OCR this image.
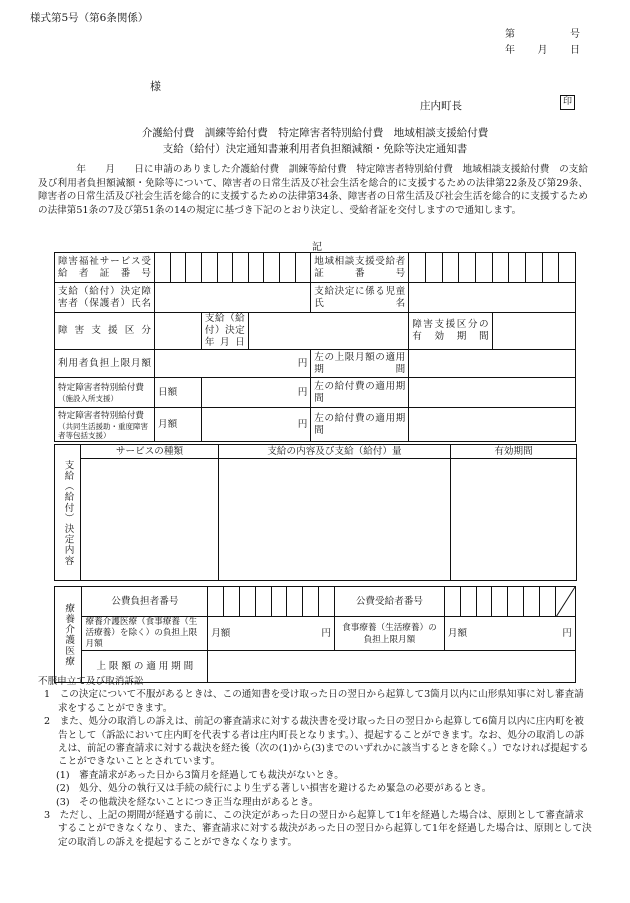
様式第5号（第6条関係）
第	号
年 月 日
様
庄内町長	印
介護給付費　訓練等給付費　特定障害者特別給付費　地域相談支援給付費
支給（給付）決定通知書兼利用者負担額減額・免除等決定通知書
年　　月　　日に申請のありました介護給付費　訓練等給付費　特定障害者特別給付費　地域相談支援給付費　の支給及び利用者負担額減額・免除等について、障害者の日常生活及び社会生活を総合的に支援するための法律第22条及び第29条、障害者の日常生活及び社会生活を総合的に支援するための法律第34条、障害者の日常生活及び社会生活を総合的に支援するための法律第51条の7及び第51条の14の規定に基づき下記のとおり決定し、受給者証を交付しますので通知します。
記
障害福祉サービス受給者証番号											地域相談支援受給者証番号										
支給（給付）決定障害者（保護者）氏名											支給決定に係る児童氏名										
障害支援区分				支給（給付）決定年月日								障害支援区分の有効期間									
利用者負担上限月額	円										左の上限月額の適用期間										

特定障害者特別給付費
（施設入所支援）	日額			円							左の給付費の適用期間										

特定障害者特別給付費
（共同生活援助・重度障害者等包括支援）	月額			円							左の給付費の適用期間										
支給（給付）決定内容	サービスの種類	支給の内容及び支給（給付）量	有効期間

療養介護医療	公費負担者番号									公費受給者番号								

	療養介護医療（食事療養（生活療養）を除く）の負担上限月額	月額 円								食事療養（生活療養）の負担上限月額	月額 円							

	上限額の適用期間																	

不服申立て及び取消訴訟

1　この決定について不服があるときは、この通知書を受け取った日の翌日から起算して3箇月以内に山形県知事に対し審査請求をすることができます。

2　また、処分の取消しの訴えは、前記の審査請求に対する裁決書を受け取った日の翌日から起算して6箇月以内に庄内町を被告として（訴訟において庄内町を代表する者は庄内町長となります。）、提起することができます。なお、処分の取消しの訴えは、前記の審査請求に対する裁決を経た後（次の(1)から(3)までのいずれかに該当するときを除く。）でなければ提起することができないこととされています。

(1)　審査請求があった日から3箇月を経過しても裁決がないとき。

(2)　処分、処分の執行又は手続の続行により生ずる著しい損害を避けるため緊急の必要があるとき。

(3)　その他裁決を経ないことにつき正当な理由があるとき。

3　ただし、上記の期間が経過する前に、この決定があった日の翌日から起算して1年を経過した場合は、原則として審査請求することができなくなり、また、審査請求に対する裁決があった日の翌日から起算して1年を経過した場合は、原則として決定の取消しの訴えを提起することができなくなります。
